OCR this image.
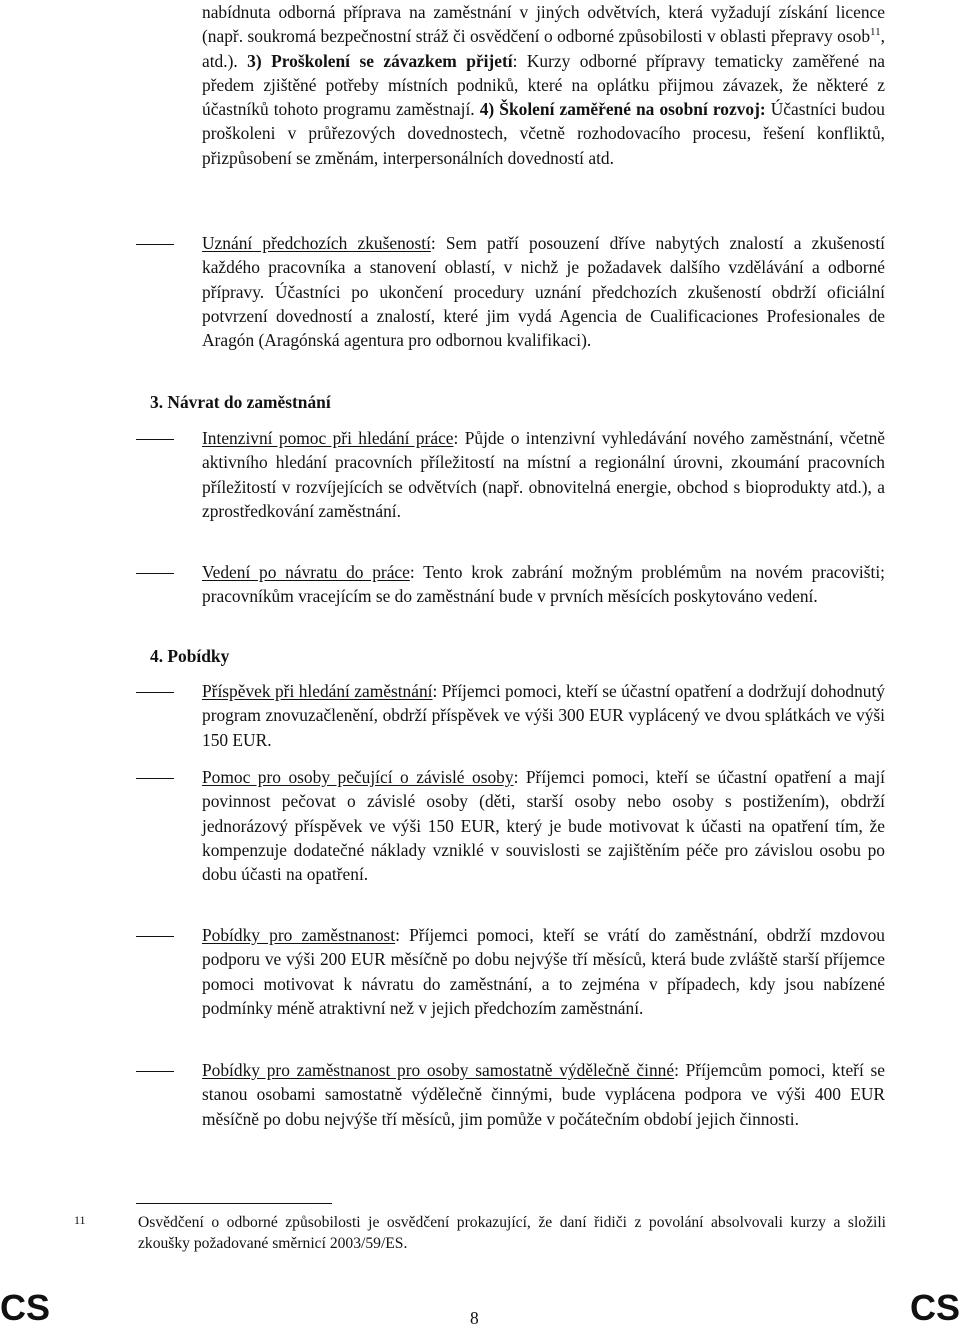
nabídnuta odborná příprava na zaměstnání v jiných odvětvích, která vyžadují získání licence (např. soukromá bezpečnostní stráž či osvědčení o odborné způsobilosti v oblasti přepravy osob$^{11}$, atd.). 3) Proškolení se závazkem přijetí: Kurzy odborné přípravy tematicky zaměřené na předem zjištěné potřeby místních podniků, které na oplátku přijmou závazek, že některé z účastníků tohoto programu zaměstnají. 4) Školení zaměřené na osobní rozvoj: Účastníci budou proškoleni v průřezových dovednostech, včetně rozhodovacího procesu, řešení konfliktů, přizpůsobení se změnám, interpersonálních dovedností atd.
Uznání předchozích zkušeností: Sem patří posouzení dříve nabytých znalostí a zkušeností každého pracovníka a stanovení oblastí, v nichž je požadavek dalšího vzdělávání a odborné přípravy. Účastníci po ukončení procedury uznání předchozích zkušeností obdrží oficiální potvrzení dovedností a znalostí, které jim vydá Agencia de Cualificaciones Profesionales de Aragón (Aragónská agentura pro odbornou kvalifikaci).
3. Návrat do zaměstnání
Intenzivní pomoc při hledání práce: Půjde o intenzivní vyhledávání nového zaměstnání, včetně aktivního hledání pracovních příležitostí na místní a regionální úrovni, zkoumání pracovních příležitostí v rozvíjejících se odvětvích (např. obnovitelná energie, obchod s bioprodukty atd.), a zprostředkování zaměstnání.
Vedení po návratu do práce: Tento krok zabrání možným problémům na novém pracovišti; pracovníkům vracejícím se do zaměstnání bude v prvních měsících poskytováno vedení.
4. Pobídky
Příspěvek při hledání zaměstnání: Příjemci pomoci, kteří se účastní opatření a dodržují dohodnutý program znovuzačlenění, obdrží příspěvek ve výši 300 EUR vyplácený ve dvou splátkách ve výši 150 EUR.
Pomoc pro osoby pečující o závislé osoby: Příjemci pomoci, kteří se účastní opatření a mají povinnost pečovat o závislé osoby (děti, starší osoby nebo osoby s postižením), obdrží jednorázový příspěvek ve výši 150 EUR, který je bude motivovat k účasti na opatření tím, že kompenzuje dodatečné náklady vzniklé v souvislosti se zajištěním péče pro závislou osobu po dobu účasti na opatření.
Pobídky pro zaměstnanost: Příjemci pomoci, kteří se vrátí do zaměstnání, obdrží mzdovou podporu ve výši 200 EUR měsíčně po dobu nejvýše tří měsíců, která bude zvláště starší příjemce pomoci motivovat k návratu do zaměstnání, a to zejména v případech, kdy jsou nabízené podmínky méně atraktivní než v jejich předchozím zaměstnání.
Pobídky pro zaměstnanost pro osoby samostatně výdělečně činné: Příjemcům pomoci, kteří se stanou osobami samostatně výdělečně činnými, bude vyplácena podpora ve výši 400 EUR měsíčně po dobu nejvýše tří měsíců, jim pomůže v počátečním období jejich činnosti.
11	Osvědčení o odborné způsobilosti je osvědčení prokazující, že daní řidiči z povolání absolvovali kurzy a složili zkoušky požadované směrnicí 2003/59/ES.
CS	8	CS
